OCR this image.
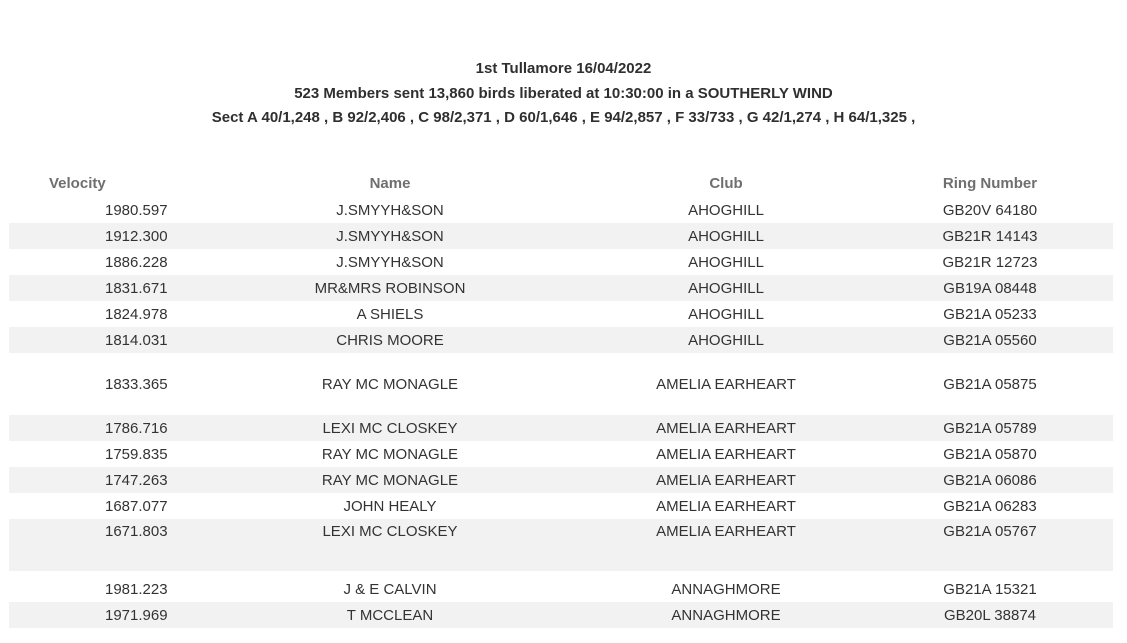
1st Tullamore 16/04/2022
523 Members sent 13,860 birds liberated at 10:30:00 in a SOUTHERLY WIND
Sect A 40/1,248 , B 92/2,406 , C 98/2,371 , D 60/1,646 , E 94/2,857 , F 33/733 , G 42/1,274 , H 64/1,325 ,
Velocity	Name	Club	Ring Number
1980.597	J.SMYYH&SON	AHOGHILL	GB20V 64180
1912.300	J.SMYYH&SON	AHOGHILL	GB21R 14143
1886.228	J.SMYYH&SON	AHOGHILL	GB21R 12723
1831.671	MR&MRS ROBINSON	AHOGHILL	GB19A 08448
1824.978	A SHIELS	AHOGHILL	GB21A 05233
1814.031	CHRIS MOORE	AHOGHILL	GB21A 05560
1833.365	RAY MC MONAGLE	AMELIA EARHEART	GB21A 05875
1786.716	LEXI MC CLOSKEY	AMELIA EARHEART	GB21A 05789
1759.835	RAY MC MONAGLE	AMELIA EARHEART	GB21A 05870
1747.263	RAY MC MONAGLE	AMELIA EARHEART	GB21A 06086
1687.077	JOHN HEALY	AMELIA EARHEART	GB21A 06283
1671.803	LEXI MC CLOSKEY	AMELIA EARHEART	GB21A 05767
1981.223	J & E CALVIN	ANNAGHMORE	GB21A 15321
1971.969	T MCCLEAN	ANNAGHMORE	GB20L 38874
